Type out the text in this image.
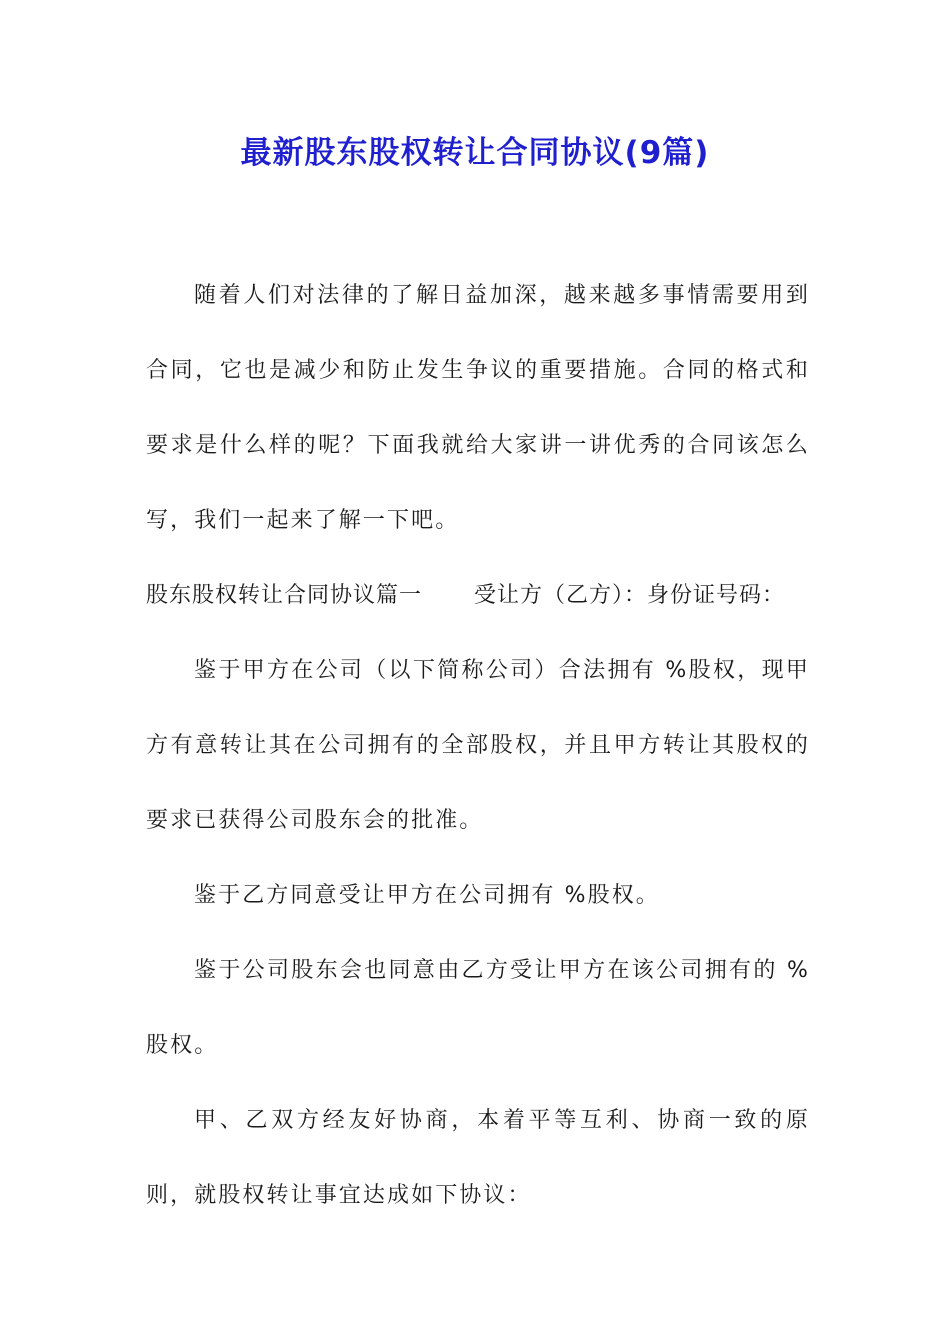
最新股东股权转让合同协议(9篇)

随着人们对法律的了解日益加深，越来越多事情需要用到合同，它也是减少和防止发生争议的重要措施。合同的格式和要求是什么样的呢？下面我就给大家讲一讲优秀的合同该怎么写，我们一起来了解一下吧。

股东股权转让合同协议篇一 受让方（乙方）：身份证号码：

鉴于甲方在公司（以下简称公司）合法拥有 %股权，现甲方有意转让其在公司拥有的全部股权，并且甲方转让其股权的要求已获得公司股东会的批准。

鉴于乙方同意受让甲方在公司拥有 %股权。

鉴于公司股东会也同意由乙方受让甲方在该公司拥有的 %股权。

甲、乙双方经友好协商，本着平等互利、协商一致的原则，就股权转让事宜达成如下协议：
